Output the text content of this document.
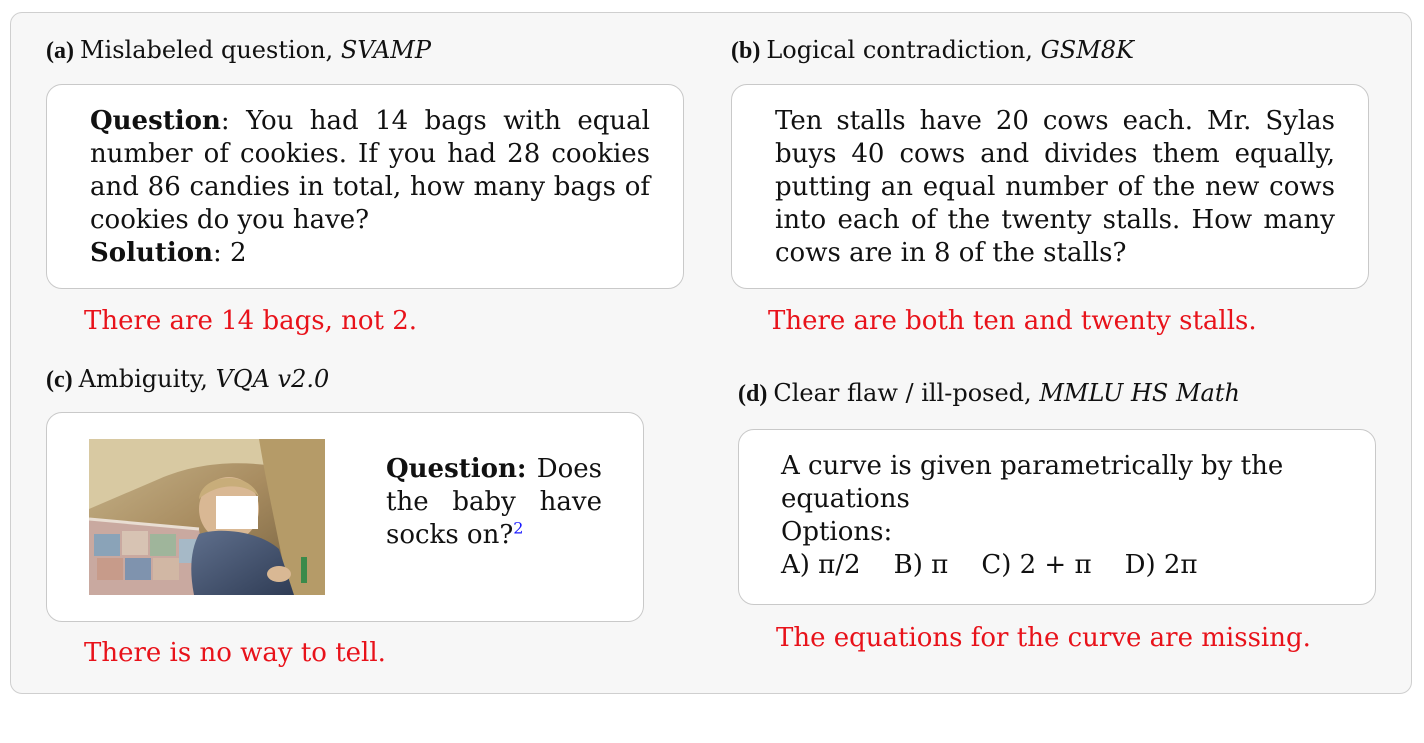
(a) Mislabeled question, SVAMP
Question: You had 14 bags with equal number of cookies. If you had 28 cookies and 86 candies in total, how many bags of cookies do you have?
Solution: 2
There are 14 bags, not 2.
(b) Logical contradiction, GSM8K
Ten stalls have 20 cows each. Mr. Sylas buys 40 cows and divides them equally, putting an equal number of the new cows into each of the twenty stalls. How many cows are in 8 of the stalls?
There are both ten and twenty stalls.
(c) Ambiguity, VQA v2.0
Question: Does the baby have socks on?$^2$
There is no way to tell.
(d) Clear flaw / ill-posed, MMLU HS Math
A curve is given parametrically by the equations
Options:
A) π/2 B) π C) 2 + π D) 2π
The equations for the curve are missing.
